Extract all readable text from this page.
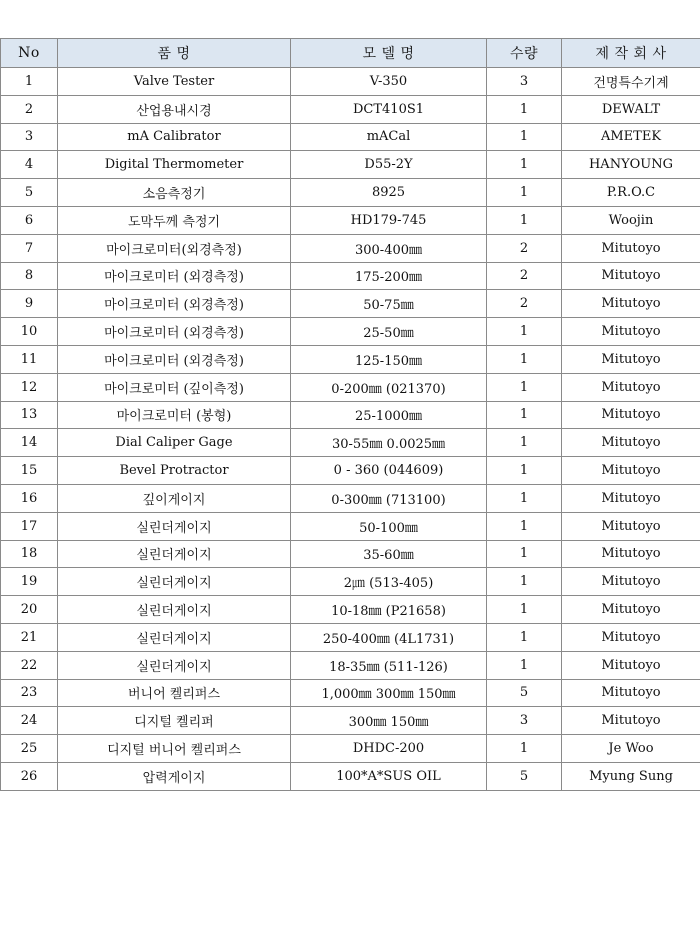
No	품 명	모 델 명	수량	제 작 회 사
1	Valve Tester	V-350	3	건명특수기계
2	산업용내시경	DCT410S1	1	DEWALT
3	mA Calibrator	mACal	1	AMETEK
4	Digital Thermometer	D55-2Y	1	HANYOUNG
5	소음측정기	8925	1	P.R.O.C
6	도막두께 측정기	HD179-745	1	Woojin
7	마이크로미터(외경측정)	300-400㎜	2	Mitutoyo
8	마이크로미터 (외경측정)	175-200㎜	2	Mitutoyo
9	마이크로미터 (외경측정)	50-75㎜	2	Mitutoyo
10	마이크로미터 (외경측정)	25-50㎜	1	Mitutoyo
11	마이크로미터 (외경측정)	125-150㎜	1	Mitutoyo
12	마이크로미터 (깊이측정)	0-200㎜ (021370)	1	Mitutoyo
13	마이크로미터 (봉형)	25-1000㎜	1	Mitutoyo
14	Dial Caliper Gage	30-55㎜ 0.0025㎜	1	Mitutoyo
15	Bevel Protractor	0 - 360 (044609)	1	Mitutoyo
16	깊이게이지	0-300㎜ (713100)	1	Mitutoyo
17	실린더게이지	50-100㎜	1	Mitutoyo
18	실린더게이지	35-60㎜	1	Mitutoyo
19	실린더게이지	2㎛ (513-405)	1	Mitutoyo
20	실린더게이지	10-18㎜ (P21658)	1	Mitutoyo
21	실린더게이지	250-400㎜ (4L1731)	1	Mitutoyo
22	실린더게이지	18-35㎜ (511-126)	1	Mitutoyo
23	버니어 켈리퍼스	1,000㎜ 300㎜ 150㎜	5	Mitutoyo
24	디지털 켈리퍼	300㎜ 150㎜	3	Mitutoyo
25	디지털 버니어 켈리퍼스	DHDC-200	1	Je Woo
26	압력게이지	100*A*SUS OIL	5	Myung Sung
